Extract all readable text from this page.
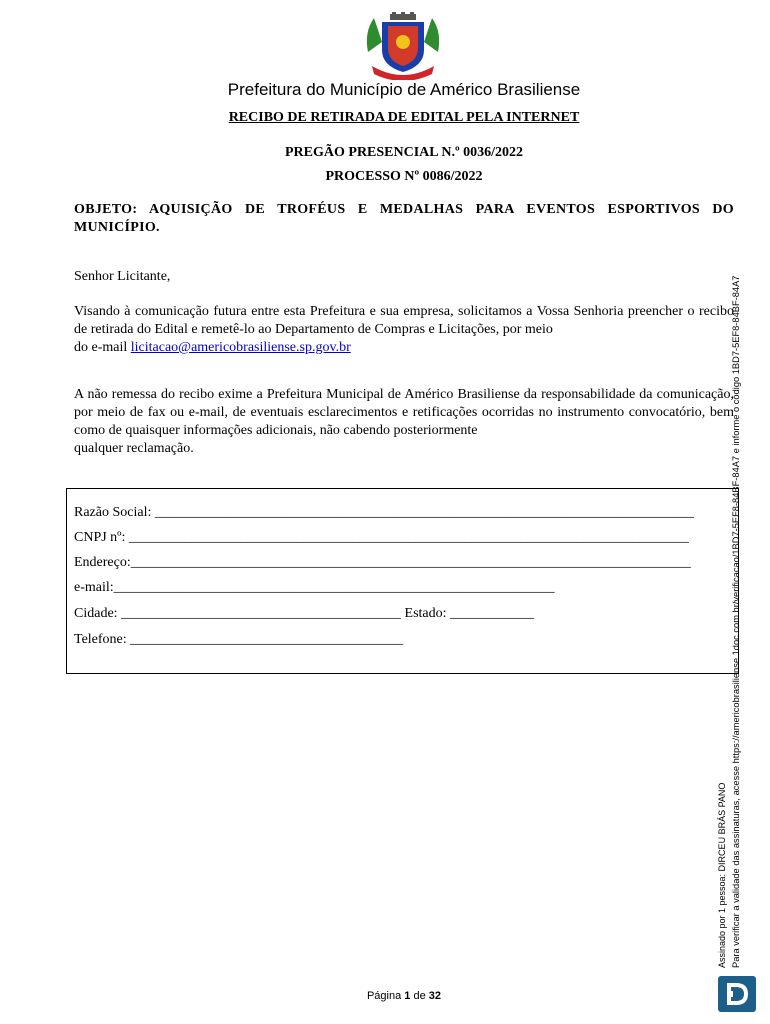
Prefeitura do Município de Américo Brasiliense
RECIBO DE RETIRADA DE EDITAL PELA INTERNET
PREGÃO PRESENCIAL N.º 0036/2022
PROCESSO Nº 0086/2022
OBJETO: AQUISIÇÃO DE TROFÉUS E MEDALHAS PARA EVENTOS ESPORTIVOS DO MUNICÍPIO.
Senhor Licitante,
Visando à comunicação futura entre esta Prefeitura e sua empresa, solicitamos a Vossa Senhoria preencher o recibo de retirada do Edital e remetê-lo ao Departamento de Compras e Licitações, por meio
do e-mail licitacao@americobrasiliense.sp.gov.br
A não remessa do recibo exime a Prefeitura Municipal de Américo Brasiliense da responsabilidade da comunicação, por meio de fax ou e-mail, de eventuais esclarecimentos e retificações ocorridas no instrumento convocatório, bem como de quaisquer informações adicionais, não cabendo posteriormente
qualquer reclamação.
Razão Social: _____________________________________________________________________________
CNPJ nº: ________________________________________________________________________________
Endereço:________________________________________________________________________________
e-mail:_______________________________________________________________
Cidade: ________________________________________ Estado: ____________
Telefone: _______________________________________
Assinado por 1 pessoa: DIRCEU BRÁS PANO Para verificar a validade das assinaturas, acesse https://americobrasiliense.1doc.com.br/verificacao/1BD7-5EF8-84BF-84A7 e informe o código 1BD7-5EF8-84BF-84A7
Página 1 de 32
